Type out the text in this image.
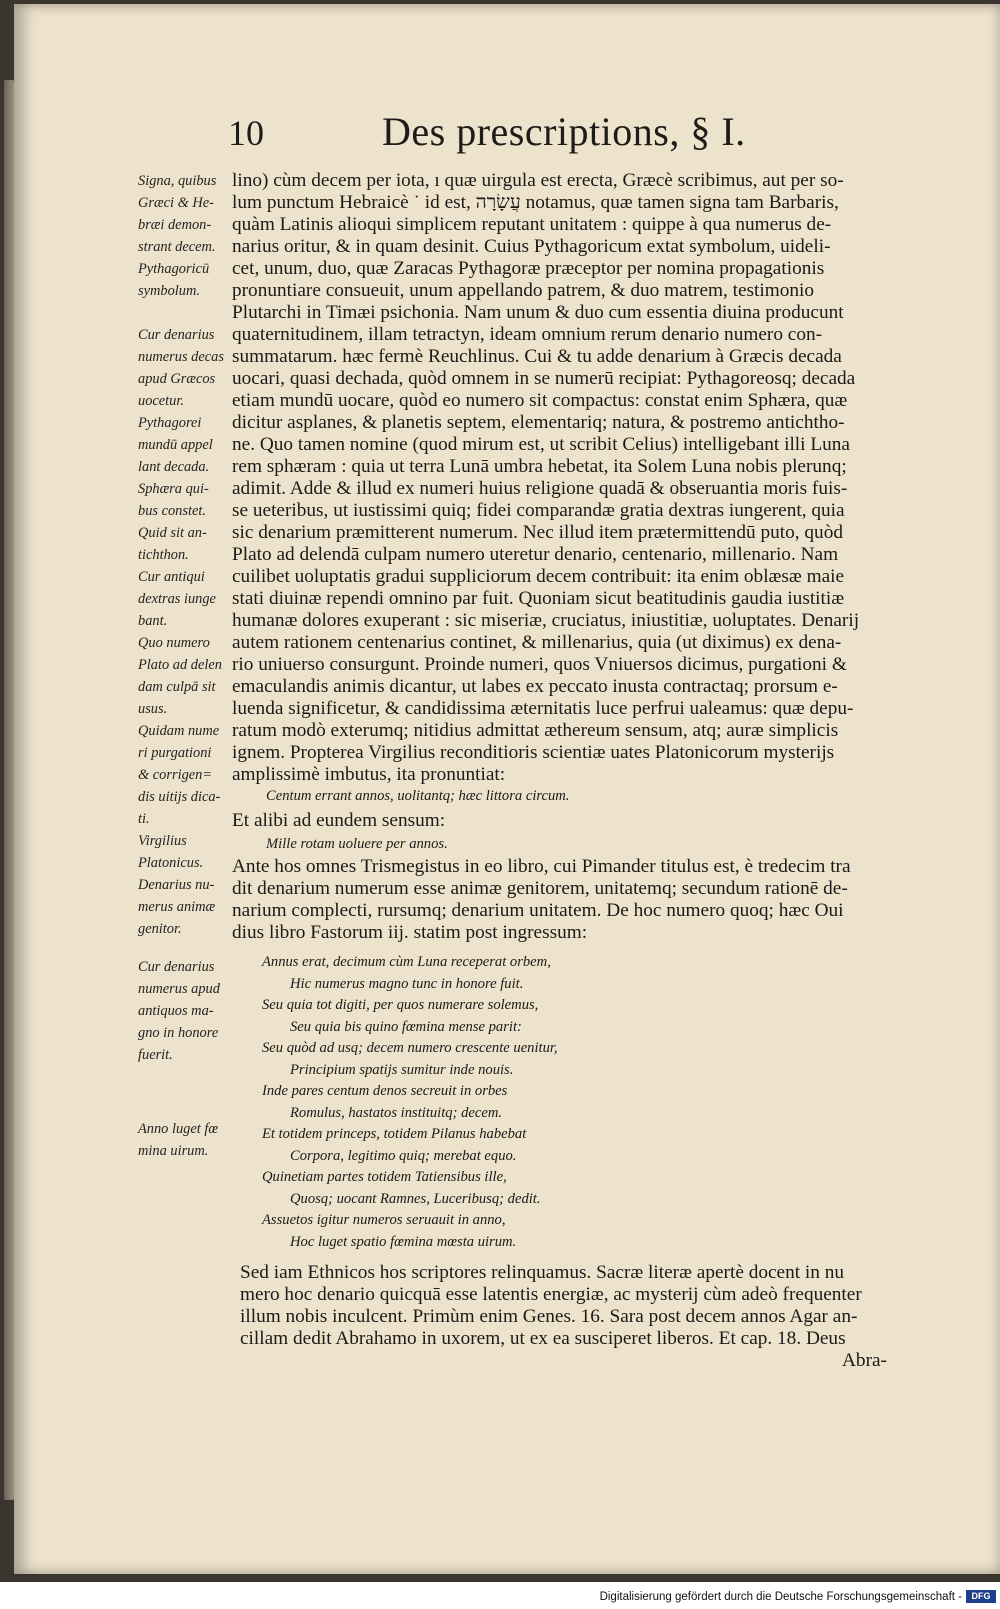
10	Des prescriptions, § I.

Signa, quibus

Græci & He-

bræi demon-

strant decem.

Pythagoricū

symbolum.

Cur denarius

numerus decas

apud Græcos

uocetur.

Pythagorei

mundū appel

lant decada.

Sphæra qui-

bus constet.

Quid sit an-

tichthon.

Cur antiqui

dextras iunge

bant.

Quo numero

Plato ad delen

dam culpā sit

usus.

Quidam nume

ri purgationi

& corrigen=

dis uitijs dica-

ti.

Virgilius

Platonicus.

Denarius nu-

merus animæ

genitor.

Cur denarius

numerus apud

antiquos ma-

gno in honore

fuerit.

Anno luget fœ

mina uirum.

lino) cùm decem per iota, ı quæ uirgula est erecta, Græcè scribimus, aut per so-
lum punctum Hebraicè ˙ id est, עֲשָׂרָה notamus, quæ tamen signa tam Barbaris,
quàm Latinis alioqui simplicem reputant unitatem : quippe à qua numerus de-
narius oritur, & in quam desinit. Cuius Pythagoricum extat symbolum, uideli-
cet, unum, duo, quæ Zaracas Pythagoræ præceptor per nomina propagationis
pronuntiare consueuit, unum appellando patrem, & duo matrem, testimonio
Plutarchi in Timæi psichonia. Nam unum & duo cum essentia diuina producunt
quaternitudinem, illam tetractyn, ideam omnium rerum denario numero con-
summatarum. hæc fermè Reuchlinus. Cui & tu adde denarium à Græcis decada
uocari, quasi dechada, quòd omnem in se numerū recipiat: Pythagoreosq; decada
etiam mundū uocare, quòd eo numero sit compactus: constat enim Sphæra, quæ
dicitur asplanes, & planetis septem, elementariq; natura, & postremo antichtho-
ne. Quo tamen nomine (quod mirum est, ut scribit Celius) intelligebant illi Luna
rem sphæram : quia ut terra Lunā umbra hebetat, ita Solem Luna nobis plerunq;
adimit. Adde & illud ex numeri huius religione quadā & obseruantia moris fuis-
se ueteribus, ut iustissimi quiq; fidei comparandæ gratia dextras iungerent, quia
sic denarium præmitterent numerum. Nec illud item prætermittendū puto, quòd
Plato ad delendā culpam numero uteretur denario, centenario, millenario. Nam
cuilibet uoluptatis gradui suppliciorum decem contribuit: ita enim oblæsæ maie
stati diuinæ rependi omnino par fuit. Quoniam sicut beatitudinis gaudia iustitiæ
humanæ dolores exuperant : sic miseriæ, cruciatus, iniustitiæ, uoluptates. Denarij
autem rationem centenarius continet, & millenarius, quia (ut diximus) ex dena-
rio uniuerso consurgunt. Proinde numeri, quos Vniuersos dicimus, purgationi &
emaculandis animis dicantur, ut labes ex peccato inusta contractaq; prorsum e-
luenda significetur, & candidissima æternitatis luce perfrui ualeamus: quæ depu-
ratum modò exterumq; nitidius admittat æthereum sensum, atq; auræ simplicis
ignem. Propterea Virgilius reconditioris scientiæ uates Platonicorum mysterijs
amplissimè imbutus, ita pronuntiat:
Centum errant annos, uolitantq; hæc littora circum.
Et alibi ad eundem sensum:
Mille rotam uoluere per annos.
Ante hos omnes Trismegistus in eo libro, cui Pimander titulus est, è tredecim tra
dit denarium numerum esse animæ genitorem, unitatemq; secundum rationē de-
narium complecti, rursumq; denarium unitatem. De hoc numero quoq; hæc Oui
dius libro Fastorum iij. statim post ingressum:
Annus erat, decimum cùm Luna receperat orbem,
Hic numerus magno tunc in honore fuit.
Seu quia tot digiti, per quos numerare solemus,
Seu quia bis quino fœmina mense parit:
Seu quòd ad usq; decem numero crescente uenitur,
Principium spatijs sumitur inde nouis.
Inde pares centum denos secreuit in orbes
Romulus, hastatos instituitq; decem.
Et totidem princeps, totidem Pilanus habebat
Corpora, legitimo quiq; merebat equo.
Quinetiam partes totidem Tatiensibus ille,
Quosq; uocant Ramnes, Luceribusq; dedit.
Assuetos igitur numeros seruauit in anno,
Hoc luget spatio fœmina mœsta uirum.
Sed iam Ethnicos hos scriptores relinquamus. Sacræ literæ apertè docent in nu
mero hoc denario quicquā esse latentis energiæ, ac mysterij cùm adeò frequenter
illum nobis inculcent. Primùm enim Genes. 16. Sara post decem annos Agar an-
cillam dedit Abrahamo in uxorem, ut ex ea susciperet liberos. Et cap. 18. Deus
Abra-
Digitalisierung gefördert durch die Deutsche Forschungsgemeinschaft -	DFG
